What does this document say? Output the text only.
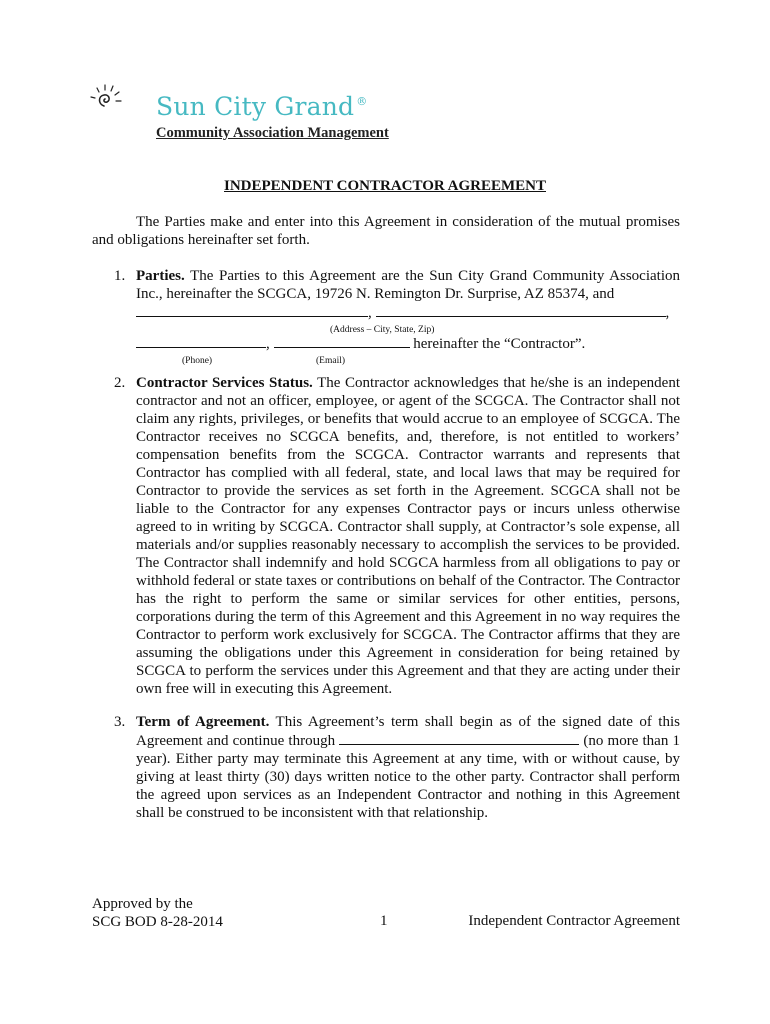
Sun City Grand ®
Community Association Management
INDEPENDENT CONTRACTOR AGREEMENT
The Parties make and enter into this Agreement in consideration of the mutual promises and obligations hereinafter set forth.
1. Parties. The Parties to this Agreement are the Sun City Grand Community Association Inc., hereinafter the SCGCA, 19726 N. Remington Dr. Surprise, AZ 85374, and
,	,
(Address – City, State, Zip)
,	hereinafter the “Contractor”.
(Phone)	(Email)
2. Contractor Services Status. The Contractor acknowledges that he/she is an independent contractor and not an officer, employee, or agent of the SCGCA. The Contractor shall not claim any rights, privileges, or benefits that would accrue to an employee of SCGCA. The Contractor receives no SCGCA benefits, and, therefore, is not entitled to workers’ compensation benefits from the SCGCA. Contractor warrants and represents that Contractor has complied with all federal, state, and local laws that may be required for Contractor to provide the services as set forth in the Agreement. SCGCA shall not be liable to the Contractor for any expenses Contractor pays or incurs unless otherwise agreed to in writing by SCGCA. Contractor shall supply, at Contractor’s sole expense, all materials and/or supplies reasonably necessary to accomplish the services to be provided. The Contractor shall indemnify and hold SCGCA harmless from all obligations to pay or withhold federal or state taxes or contributions on behalf of the Contractor. The Contractor has the right to perform the same or similar services for other entities, persons, corporations during the term of this Agreement and this Agreement in no way requires the Contractor to perform work exclusively for SCGCA. The Contractor affirms that they are assuming the obligations under this Agreement in consideration for being retained by SCGCA to perform the services under this Agreement and that they are acting under their own free will in executing this Agreement.
3. Term of Agreement. This Agreement’s term shall begin as of the signed date of this Agreement and continue through	(no more than 1 year). Either party may terminate this Agreement at any time, with or without cause, by giving at least thirty (30) days written notice to the other party. Contractor shall perform the agreed upon services as an Independent Contractor and nothing in this Agreement shall be construed to be inconsistent with that relationship.
Approved by the
SCG BOD 8-28-2014	1	Independent Contractor Agreement
